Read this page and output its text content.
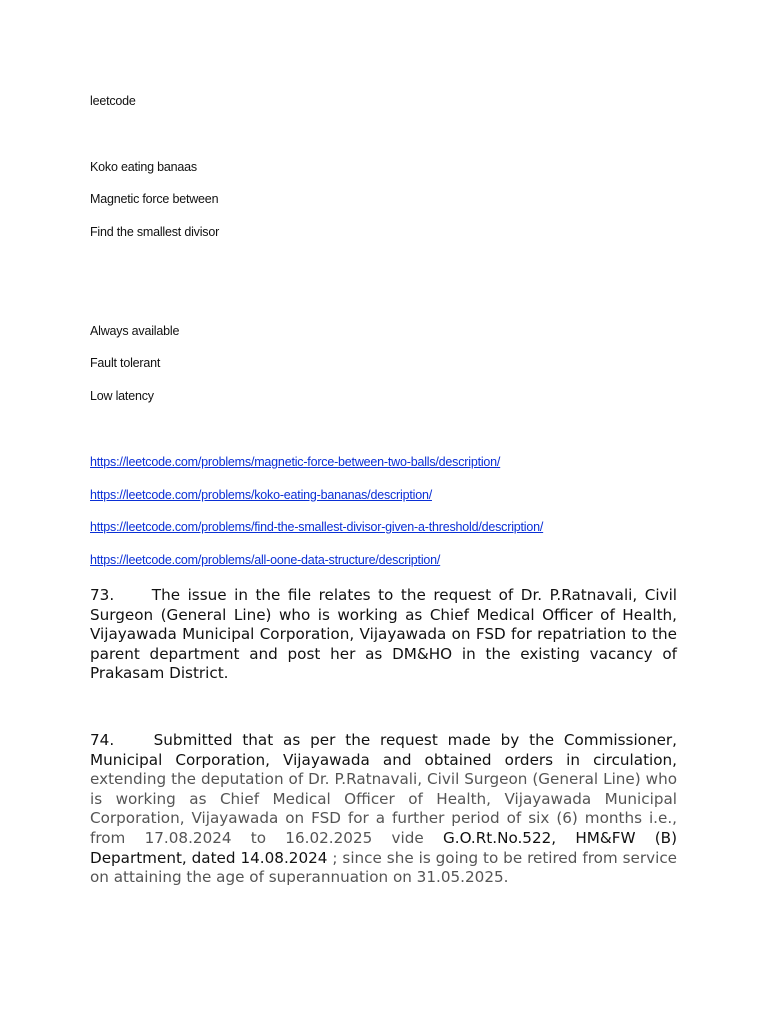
leetcode
Koko eating banaas
Magnetic force between
Find the smallest divisor
Always available
Fault tolerant
Low latency
https://leetcode.com/problems/magnetic-force-between-two-balls/description/
https://leetcode.com/problems/koko-eating-bananas/description/
https://leetcode.com/problems/find-the-smallest-divisor-given-a-threshold/description/
https://leetcode.com/problems/all-oone-data-structure/description/

73. The issue in the file relates to the request of Dr. P.Ratnavali, Civil Surgeon (General Line) who is working as Chief Medical Officer of Health, Vijayawada Municipal Corporation, Vijayawada on FSD for repatriation to the parent department and post her as DM&HO in the existing vacancy of Prakasam District.

74.	Submitted that as per the request made by the Commissioner, Municipal Corporation, Vijayawada and obtained orders in circulation, extending the deputation of Dr. P.Ratnavali, Civil Surgeon (General Line) who is working as Chief Medical Officer of Health, Vijayawada Municipal Corporation, Vijayawada on FSD for a further period of six (6) months i.e., from 17.08.2024 to 16.02.2025 vide G.O.Rt.No.522, HM&FW (B) Department, dated 14.08.2024 ; since she is going to be retired from service on attaining the age of superannuation on 31.05.2025.
